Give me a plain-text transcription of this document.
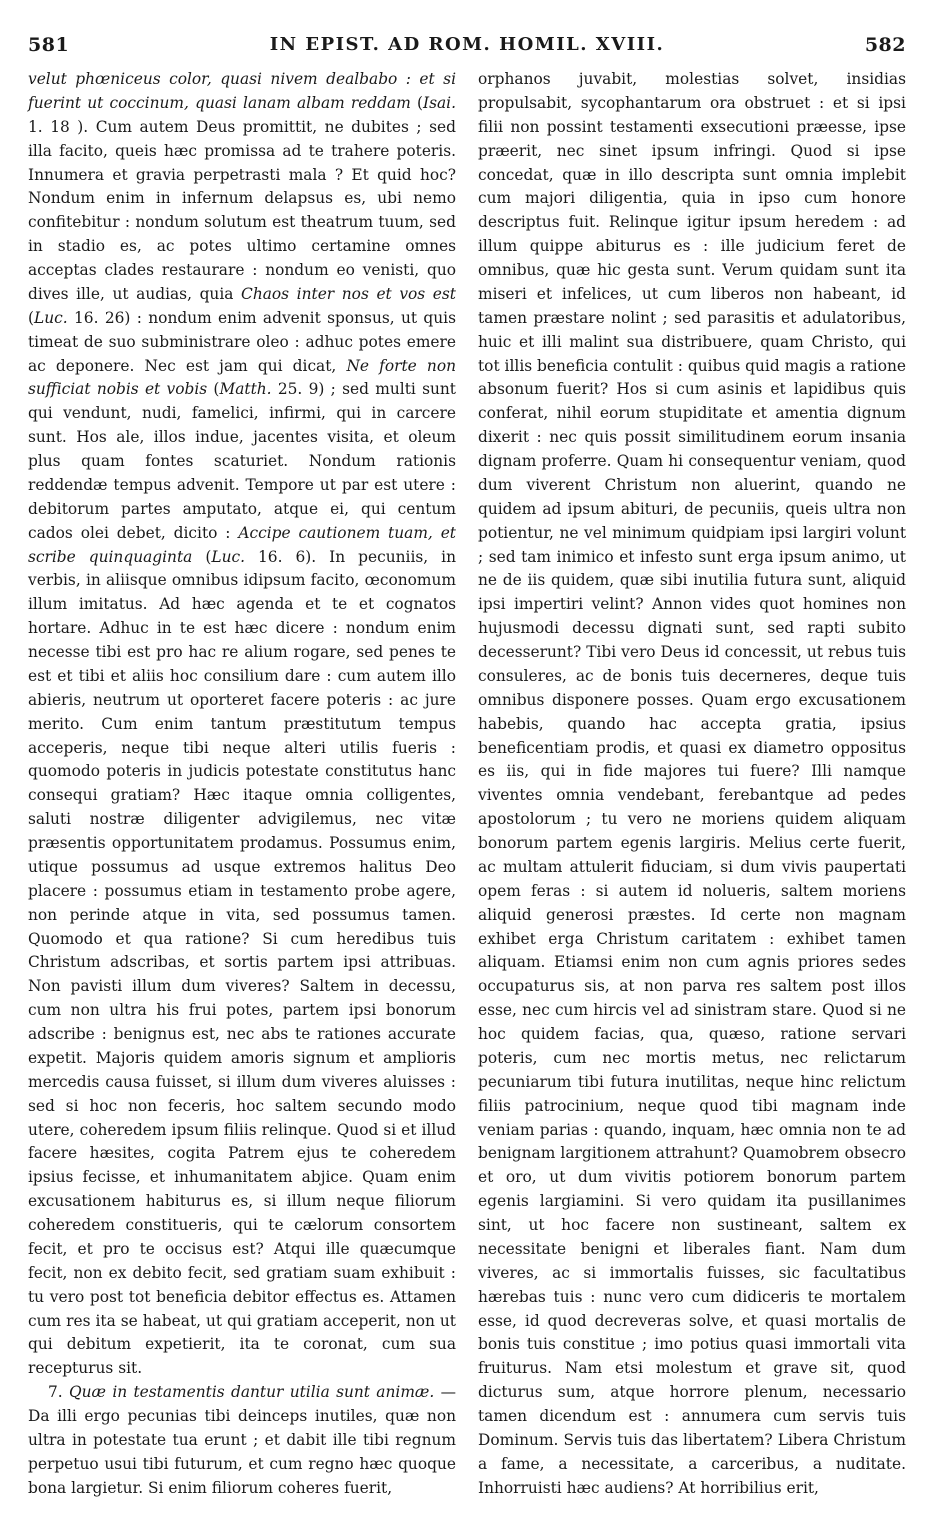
581	IN EPIST. AD ROM. HOMIL. XVIII.	582

velut phœniceus color, quasi nivem dealbabo : et si fuerint ut coccinum, quasi lanam albam reddam (Isai. 1. 18 ). Cum autem Deus promittit, ne dubites ; sed illa facito, queis hæc promissa ad te trahere poteris. Innumera et gravia perpetrasti mala ? Et quid hoc? Nondum enim in infernum delapsus es, ubi nemo confitebitur : nondum solutum est theatrum tuum, sed in stadio es, ac potes ultimo certamine omnes acceptas clades restaurare : nondum eo venisti, quo dives ille, ut audias, quia Chaos inter nos et vos est (Luc. 16. 26) : nondum enim advenit sponsus, ut quis timeat de suo subministrare oleo : adhuc potes emere ac deponere. Nec est jam qui dicat, Ne forte non sufficiat nobis et vobis (Matth. 25. 9) ; sed multi sunt qui vendunt, nudi, famelici, infirmi, qui in carcere sunt. Hos ale, illos indue, jacentes visita, et oleum plus quam fontes scaturiet. Nondum rationis reddendæ tempus advenit. Tempore ut par est utere : debitorum partes amputato, atque ei, qui centum cados olei debet, dicito : Accipe cautionem tuam, et scribe quinquaginta (Luc. 16. 6). In pecuniis, in verbis, in aliisque omnibus idipsum facito, œconomum illum imitatus. Ad hæc agenda et te et cognatos hortare. Adhuc in te est hæc dicere : nondum enim necesse tibi est pro hac re alium rogare, sed penes te est et tibi et aliis hoc consilium dare : cum autem illo abieris, neutrum ut oporteret facere poteris : ac jure merito. Cum enim tantum præstitutum tempus acceperis, neque tibi neque alteri utilis fueris : quomodo poteris in judicis potestate constitutus hanc consequi gratiam? Hæc itaque omnia colligentes, saluti nostræ diligenter advigilemus, nec vitæ præsentis opportunitatem prodamus. Possumus enim, utique possumus ad usque extremos halitus Deo placere : possumus etiam in testamento probe agere, non perinde atque in vita, sed possumus tamen. Quomodo et qua ratione? Si cum heredibus tuis Christum adscribas, et sortis partem ipsi attribuas. Non pavisti illum dum viveres? Saltem in decessu, cum non ultra his frui potes, partem ipsi bonorum adscribe : benignus est, nec abs te rationes accurate expetit. Majoris quidem amoris signum et amplioris mercedis causa fuisset, si illum dum viveres aluisses : sed si hoc non feceris, hoc saltem secundo modo utere, coheredem ipsum filiis relinque. Quod si et illud facere hæsites, cogita Patrem ejus te coheredem ipsius fecisse, et inhumanitatem abjice. Quam enim excusationem habiturus es, si illum neque filiorum coheredem constitueris, qui te cælorum consortem fecit, et pro te occisus est? Atqui ille quæcumque fecit, non ex debito fecit, sed gratiam suam exhibuit : tu vero post tot beneficia debitor effectus es. Attamen cum res ita se habeat, ut qui gratiam acceperit, non ut qui debitum expetierit, ita te coronat, cum sua recepturus sit.

7. Quæ in testamentis dantur utilia sunt animæ. — Da illi ergo pecunias tibi deinceps inutiles, quæ non ultra in potestate tua erunt ; et dabit ille tibi regnum perpetuo usui tibi futurum, et cum regno hæc quoque bona largietur. Si enim filiorum coheres fuerit,

orphanos juvabit, molestias solvet, insidias propulsabit, sycophantarum ora obstruet : et si ipsi filii non possint testamenti exsecutioni præesse, ipse præerit, nec sinet ipsum infringi. Quod si ipse concedat, quæ in illo descripta sunt omnia implebit cum majori diligentia, quia in ipso cum honore descriptus fuit. Relinque igitur ipsum heredem : ad illum quippe abiturus es : ille judicium feret de omnibus, quæ hic gesta sunt. Verum quidam sunt ita miseri et infelices, ut cum liberos non habeant, id tamen præstare nolint ; sed parasitis et adulatoribus, huic et illi malint sua distribuere, quam Christo, qui tot illis beneficia contulit : quibus quid magis a ratione absonum fuerit? Hos si cum asinis et lapidibus quis conferat, nihil eorum stupiditate et amentia dignum dixerit : nec quis possit similitudinem eorum insania dignam proferre. Quam hi consequentur veniam, quod dum viverent Christum non aluerint, quando ne quidem ad ipsum abituri, de pecuniis, queis ultra non potientur, ne vel minimum quidpiam ipsi largiri volunt ; sed tam inimico et infesto sunt erga ipsum animo, ut ne de iis quidem, quæ sibi inutilia futura sunt, aliquid ipsi impertiri velint? Annon vides quot homines non hujusmodi decessu dignati sunt, sed rapti subito decesserunt? Tibi vero Deus id concessit, ut rebus tuis consuleres, ac de bonis tuis decerneres, deque tuis omnibus disponere posses. Quam ergo excusationem habebis, quando hac accepta gratia, ipsius beneficentiam prodis, et quasi ex diametro oppositus es iis, qui in fide majores tui fuere? Illi namque viventes omnia vendebant, ferebantque ad pedes apostolorum ; tu vero ne moriens quidem aliquam bonorum partem egenis largiris. Melius certe fuerit, ac multam attulerit fiduciam, si dum vivis paupertati opem feras : si autem id nolueris, saltem moriens aliquid generosi præstes. Id certe non magnam exhibet erga Christum caritatem : exhibet tamen aliquam. Etiamsi enim non cum agnis priores sedes occupaturus sis, at non parva res saltem post illos esse, nec cum hircis vel ad sinistram stare. Quod si ne hoc quidem facias, qua, quæso, ratione servari poteris, cum nec mortis metus, nec relictarum pecuniarum tibi futura inutilitas, neque hinc relictum filiis patrocinium, neque quod tibi magnam inde veniam parias : quando, inquam, hæc omnia non te ad benignam largitionem attrahunt? Quamobrem obsecro et oro, ut dum vivitis potiorem bonorum partem egenis largiamini. Si vero quidam ita pusillanimes sint, ut hoc facere non sustineant, saltem ex necessitate benigni et liberales fiant. Nam dum viveres, ac si immortalis fuisses, sic facultatibus hærebas tuis : nunc vero cum didiceris te mortalem esse, id quod decreveras solve, et quasi mortalis de bonis tuis constitue ; imo potius quasi immortali vita fruiturus. Nam etsi molestum et grave sit, quod dicturus sum, atque horrore plenum, necessario tamen dicendum est : annumera cum servis tuis Dominum. Servis tuis das libertatem? Libera Christum a fame, a necessitate, a carceribus, a nuditate. Inhorruisti hæc audiens? At horribilius erit,
